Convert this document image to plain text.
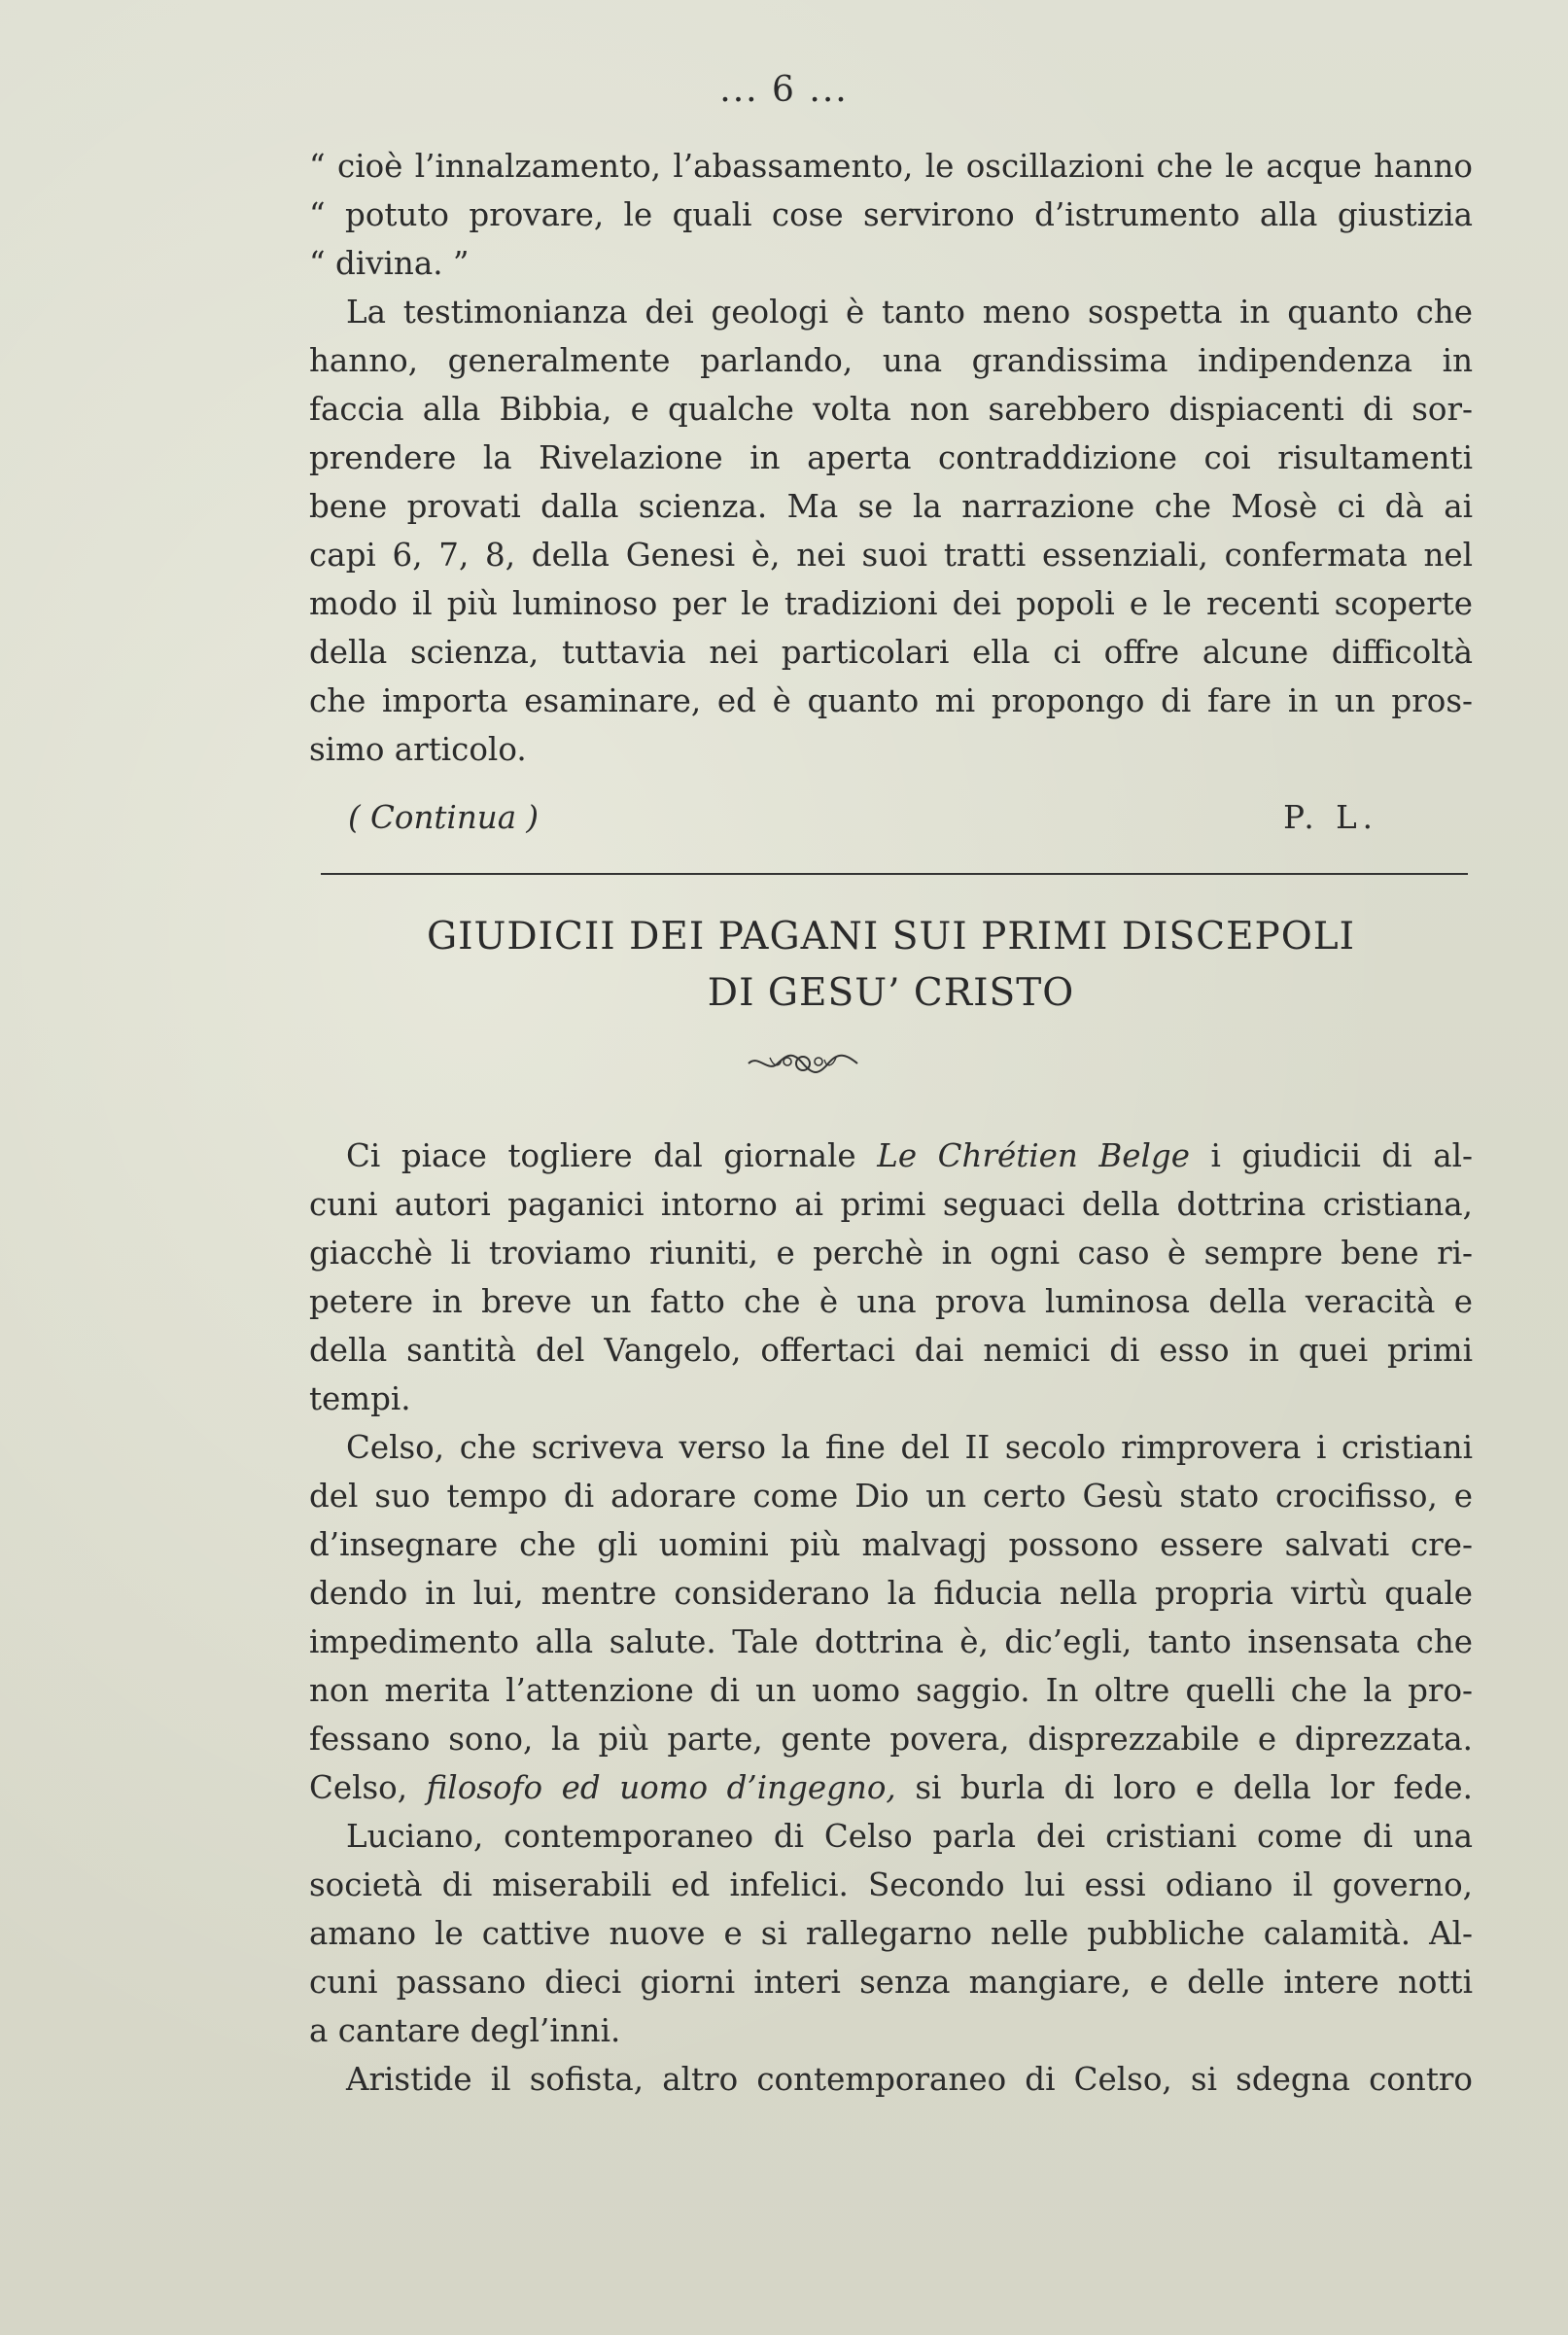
... 6 ...
“ cioè l’innalzamento, l’abassamento, le oscillazioni che le acque hanno
“ potuto provare, le quali cose servirono d’istrumento alla giustizia
“ divina. ”
La testimonianza dei geologi è tanto meno sospetta in quanto che
hanno, generalmente parlando, una grandissima indipendenza in
faccia alla Bibbia, e qualche volta non sarebbero dispiacenti di sor-
prendere la Rivelazione in aperta contraddizione coi risultamenti
bene provati dalla scienza. Ma se la narrazione che Mosè ci dà ai
capi 6, 7, 8, della Genesi è, nei suoi tratti essenziali, confermata nel
modo il più luminoso per le tradizioni dei popoli e le recenti scoperte
della scienza, tuttavia nei particolari ella ci offre alcune difficoltà
che importa esaminare, ed è quanto mi propongo di fare in un pros-
simo articolo.
( Continua )	P. L.
GIUDICII DEI PAGANI SUI PRIMI DISCEPOLI
DI GESU’ CRISTO
Ci piace togliere dal giornale Le Chrétien Belge i giudicii di al-
cuni autori paganici intorno ai primi seguaci della dottrina cristiana,
giacchè li troviamo riuniti, e perchè in ogni caso è sempre bene ri-
petere in breve un fatto che è una prova luminosa della veracità e
della santità del Vangelo, offertaci dai nemici di esso in quei primi
tempi.
Celso, che scriveva verso la fine del II secolo rimprovera i cristiani
del suo tempo di adorare come Dio un certo Gesù stato crocifisso, e
d’insegnare che gli uomini più malvagj possono essere salvati cre-
dendo in lui, mentre considerano la fiducia nella propria virtù quale
impedimento alla salute. Tale dottrina è, dic’egli, tanto insensata che
non merita l’attenzione di un uomo saggio. In oltre quelli che la pro-
fessano sono, la più parte, gente povera, disprezzabile e diprezzata.
Celso, filosofo ed uomo d’ingegno, si burla di loro e della lor fede.
Luciano, contemporaneo di Celso parla dei cristiani come di una
società di miserabili ed infelici. Secondo lui essi odiano il governo,
amano le cattive nuove e si rallegarno nelle pubbliche calamità. Al-
cuni passano dieci giorni interi senza mangiare, e delle intere notti
a cantare degl’inni.
Aristide il sofista, altro contemporaneo di Celso, si sdegna contro
